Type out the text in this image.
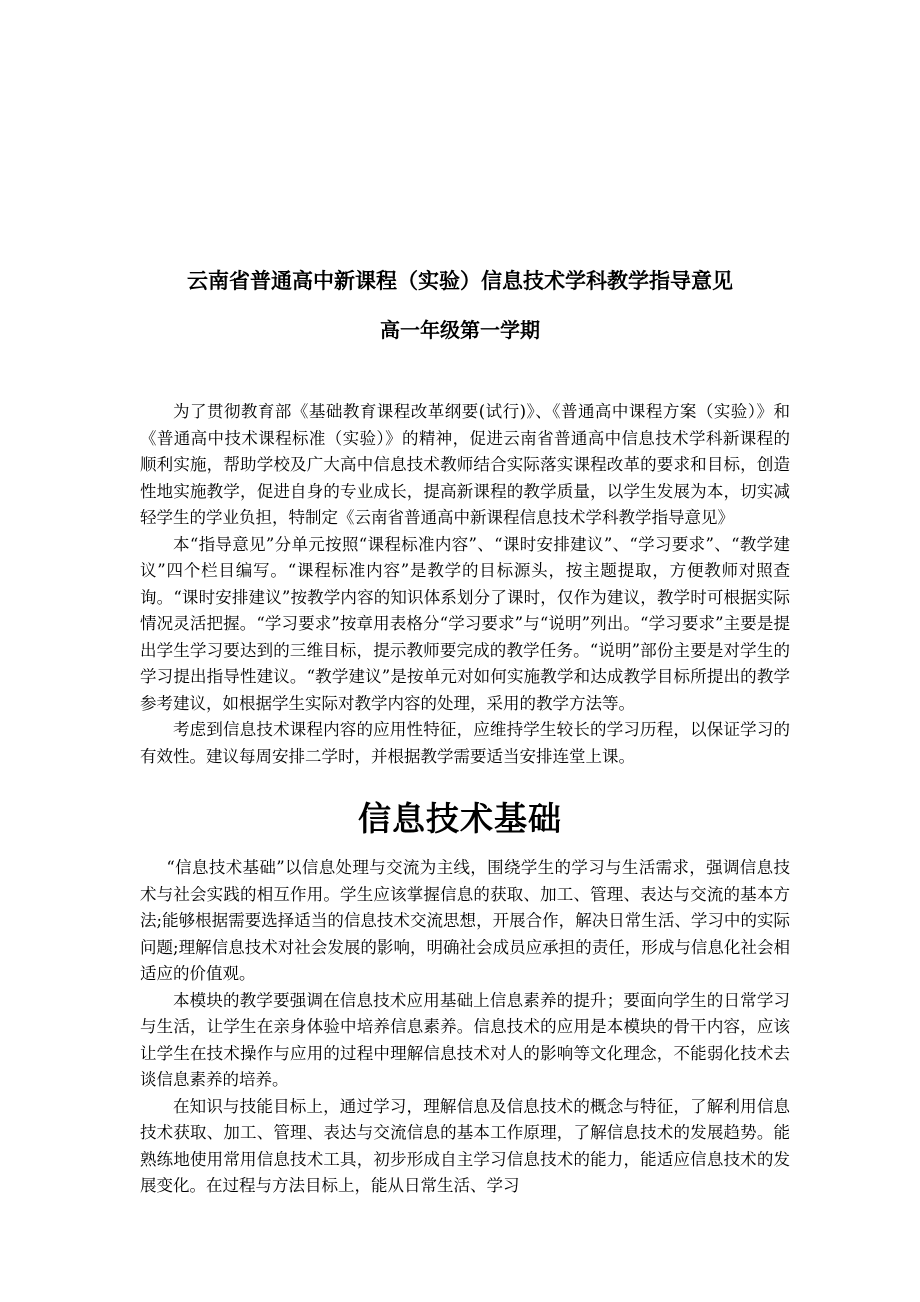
云南省普通高中新课程（实验）信息技术学科教学指导意见
高一年级第一学期

为了贯彻教育部《基础教育课程改革纲要(试行)》、《普通高中课程方案（实验）》和《普通高中技术课程标准（实验）》的精神，促进云南省普通高中信息技术学科新课程的顺利实施，帮助学校及广大高中信息技术教师结合实际落实课程改革的要求和目标，创造性地实施教学，促进自身的专业成长，提高新课程的教学质量，以学生发展为本，切实减轻学生的学业负担，特制定《云南省普通高中新课程信息技术学科教学指导意见》

本“指导意见”分单元按照“课程标准内容”、“课时安排建议”、“学习要求”、“教学建议”四个栏目编写。“课程标准内容”是教学的目标源头，按主题提取，方便教师对照查询。“课时安排建议”按教学内容的知识体系划分了课时，仅作为建议，教学时可根据实际情况灵活把握。“学习要求”按章用表格分“学习要求”与“说明”列出。“学习要求”主要是提出学生学习要达到的三维目标，提示教师要完成的教学任务。“说明”部份主要是对学生的学习提出指导性建议。“教学建议”是按单元对如何实施教学和达成教学目标所提出的教学参考建议，如根据学生实际对教学内容的处理，采用的教学方法等。

考虑到信息技术课程内容的应用性特征，应维持学生较长的学习历程，以保证学习的有效性。建议每周安排二学时，并根据教学需要适当安排连堂上课。

信息技术基础

“信息技术基础”以信息处理与交流为主线，围绕学生的学习与生活需求，强调信息技术与社会实践的相互作用。学生应该掌握信息的获取、加工、管理、表达与交流的基本方法;能够根据需要选择适当的信息技术交流思想，开展合作，解决日常生活、学习中的实际问题;理解信息技术对社会发展的影响，明确社会成员应承担的责任，形成与信息化社会相适应的价值观。

本模块的教学要强调在信息技术应用基础上信息素养的提升；要面向学生的日常学习与生活，让学生在亲身体验中培养信息素养。信息技术的应用是本模块的骨干内容，应该让学生在技术操作与应用的过程中理解信息技术对人的影响等文化理念，不能弱化技术去谈信息素养的培养。

在知识与技能目标上，通过学习，理解信息及信息技术的概念与特征，了解利用信息技术获取、加工、管理、表达与交流信息的基本工作原理，了解信息技术的发展趋势。能熟练地使用常用信息技术工具，初步形成自主学习信息技术的能力，能适应信息技术的发展变化。在过程与方法目标上，能从日常生活、学习
